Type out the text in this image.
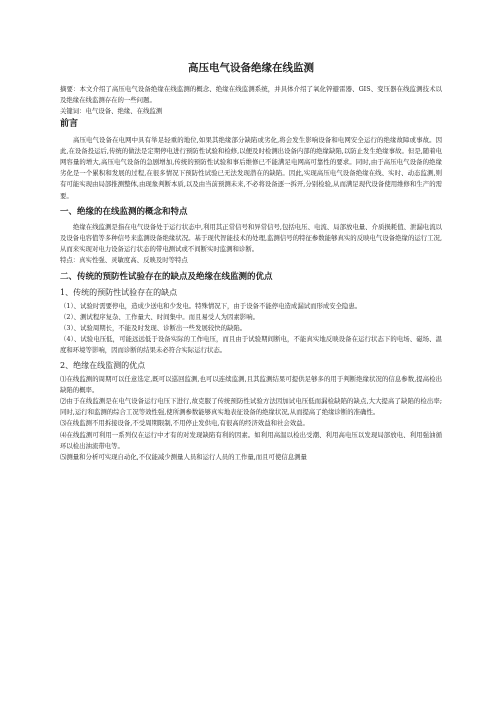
高压电气设备绝缘在线监测

摘要：本文介绍了高压电气设备绝缘在线监测的概念、绝缘在线监测系统，并具体介绍了氧化锌避雷器、GIS、变压器在线监测技术以及绝缘在线监测存在的一些问题。

关键词：电气设备、绝缘、在线监测

前言

高压电气设备在电网中具有举足轻重的地位,如果其绝缘部分缺陷或劣化,将会发生影响设备和电网安全运行的绝缘故障或事故。因此,在设备投运后,传统的做法是定期停电进行预防性试验和检修,以便及时检测出设备内部的绝缘缺陷,以防止发生绝缘事故。但是,随着电网容量的增大,高压电气设备的急剧增加,传统的预防性试验和事后维修已不能满足电网高可靠性的要求。同时,由于高压电气设备的绝缘劣化是一个累积和发展的过程,在很多情况下预防性试验已无法发现潜在的缺陷。因此,实现高压电气设备绝缘在线、实时、动态监测,则有可能实现由局部推测整体,由现象判断本质,以及由当前预测未来,不必将设备逐一拆开,分别检验,从而满足现代设备使用维修和生产的需要。

一、绝缘的在线监测的概念和特点

绝缘在线监测是指在电气设备处于运行状态中,利用其正常信号和异常信号,包括电压、电流、局部放电量、介质损耗值、泄漏电流以及设备电容值等多种信号来监测设备绝缘状况。基于现代智能技术的处理,监测信号的特征参数能够真实的反映电气设备绝缘的运行工况,从而来实现对电力设备运行状态的带电测试或不间断实时监测和诊断。

特点：真实性强、灵敏度高、反映及时等特点

二、传统的预防性试验存在的缺点及绝缘在线监测的优点
1、传统的预防性试验存在的缺点

（1）、试验时需要停电，造成少送电和少发电。特殊情况下，由于设备不能停电造成漏试而形成安全隐患。

（2）、测试程序复杂、工作量大、时间集中。而且易受人为因素影响。

（3）、试验周期长，不能及时发现、诊断出一些发展较快的缺陷。

（4）、试验电压低，可能远远低于设备实际的工作电压，而且由于试验期间断电，不能真实地反映设备在运行状态下的电场、磁场、温度和环境等影响，因而诊断的结果未必符合实际运行状态。

2、绝缘在线监测的优点

⑴在线监测的周期可以任意选定,既可以巡回监测,也可以连续监测,且其监测结果可提供足够多的用于判断绝缘状况的信息参数,提高检出缺陷的概率。

⑵由于在线监测是在电气设备运行电压下进行,故克服了传统预防性试验方法因加试电压低而漏检缺陷的缺点,大大提高了缺陷的检出率;同时,运行和监测的综合工况等效性强,使所测参数能够真实地表征设备的绝缘状况,从而提高了绝缘诊断的准确性。

⑶在线监测不用拆接设备,不受周期限制,不用停止发供电,有很高的经济效益和社会效益。

⑷在线监测可利用一系列仅在运行中才有的对发现缺陷有利的因素。如利用高温以检出受潮、利用高电压以发现局部放电、利用强油循环以检出油流带电等。

⑸测量和分析可实现自动化,不仅能减少测量人员和运行人员的工作量,而且可使信息测量
